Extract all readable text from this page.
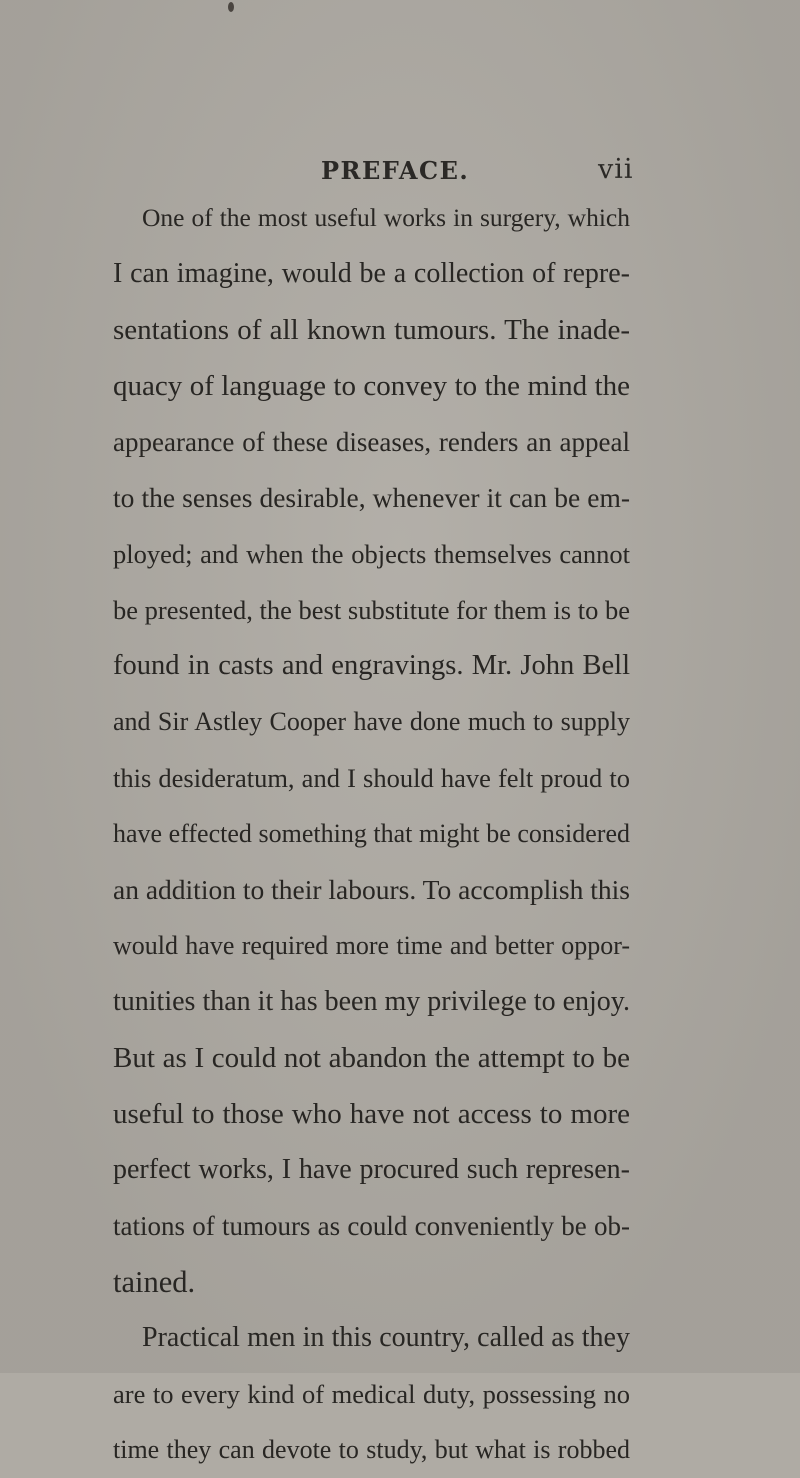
PREFACE.	vii
One of the most useful works in surgery, which
I can imagine, would be a collection of repre-
sentations of all known tumours. The inade-
quacy of language to convey to the mind the
appearance of these diseases, renders an appeal
to the senses desirable, whenever it can be em-
ployed; and when the objects themselves cannot
be presented, the best substitute for them is to be
found in casts and engravings. Mr. John Bell
and Sir Astley Cooper have done much to supply
this desideratum, and I should have felt proud to
have effected something that might be considered
an addition to their labours. To accomplish this
would have required more time and better oppor-
tunities than it has been my privilege to enjoy.
But as I could not abandon the attempt to be
useful to those who have not access to more
perfect works, I have procured such represen-
tations of tumours as could conveniently be ob-
tained.
Practical men in this country, called as they
are to every kind of medical duty, possessing no
time they can devote to study, but what is robbed
